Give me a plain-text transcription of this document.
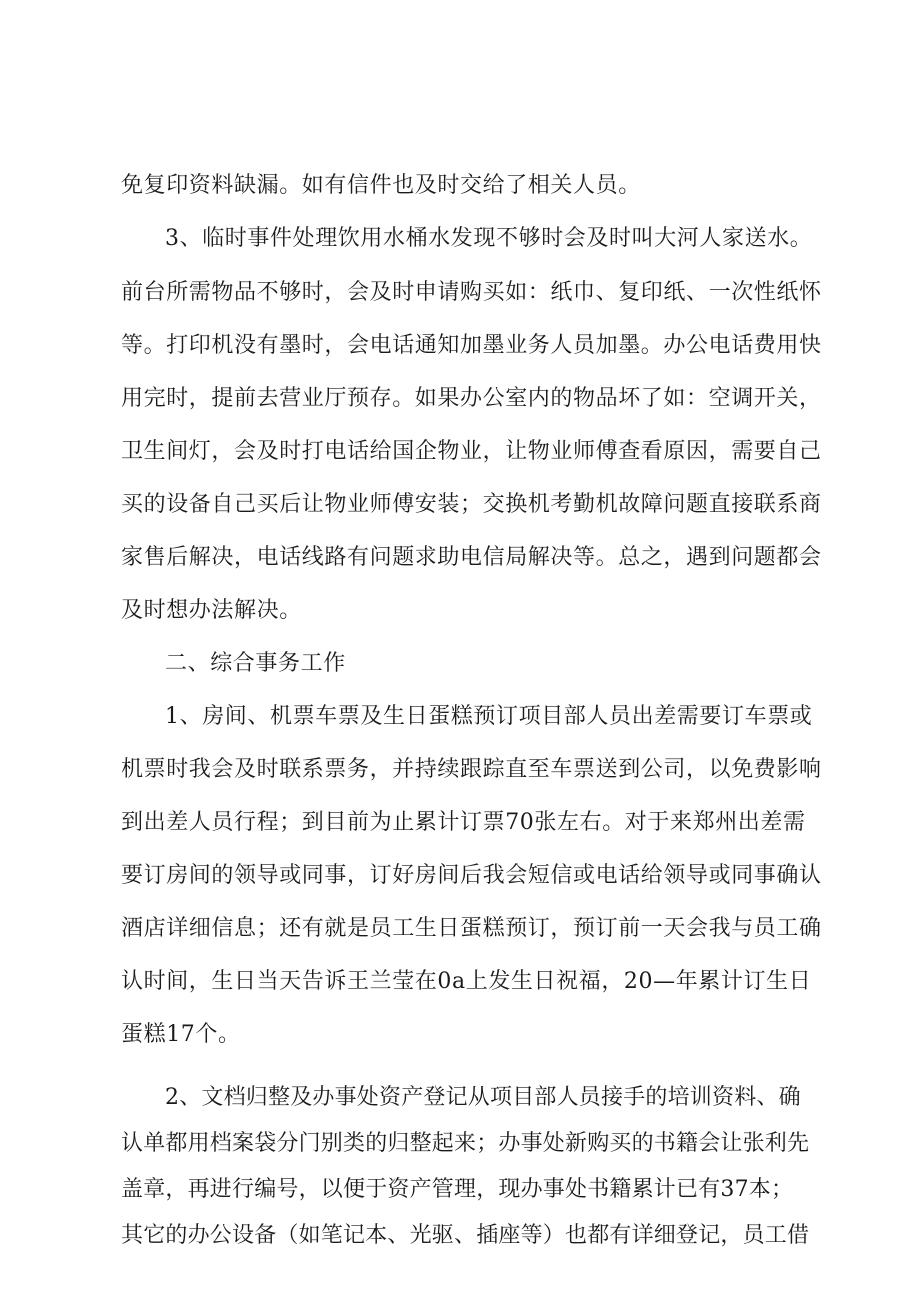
免复印资料缺漏。如有信件也及时交给了相关人员。
3、临时事件处理饮用水桶水发现不够时会及时叫大河人家送水。
前台所需物品不够时，会及时申请购买如：纸巾、复印纸、一次性纸怀
等。打印机没有墨时，会电话通知加墨业务人员加墨。办公电话费用快
用完时，提前去营业厅预存。如果办公室内的物品坏了如：空调开关，
卫生间灯，会及时打电话给国企物业，让物业师傅查看原因，需要自己
买的设备自己买后让物业师傅安装；交换机考勤机故障问题直接联系商
家售后解决，电话线路有问题求助电信局解决等。总之，遇到问题都会
及时想办法解决。
二、综合事务工作
1、房间、机票车票及生日蛋糕预订项目部人员出差需要订车票或
机票时我会及时联系票务，并持续跟踪直至车票送到公司，以免费影响
到出差人员行程；到目前为止累计订票70张左右。对于来郑州出差需
要订房间的领导或同事，订好房间后我会短信或电话给领导或同事确认
酒店详细信息；还有就是员工生日蛋糕预订，预订前一天会我与员工确
认时间，生日当天告诉王兰莹在0a上发生日祝福，20—年累计订生日
蛋糕17个。
2、文档归整及办事处资产登记从项目部人员接手的培训资料、确
认单都用档案袋分门别类的归整起来；办事处新购买的书籍会让张利先
盖章，再进行编号，以便于资产管理，现办事处书籍累计已有37本；
其它的办公设备（如笔记本、光驱、插座等）也都有详细登记，员工借
